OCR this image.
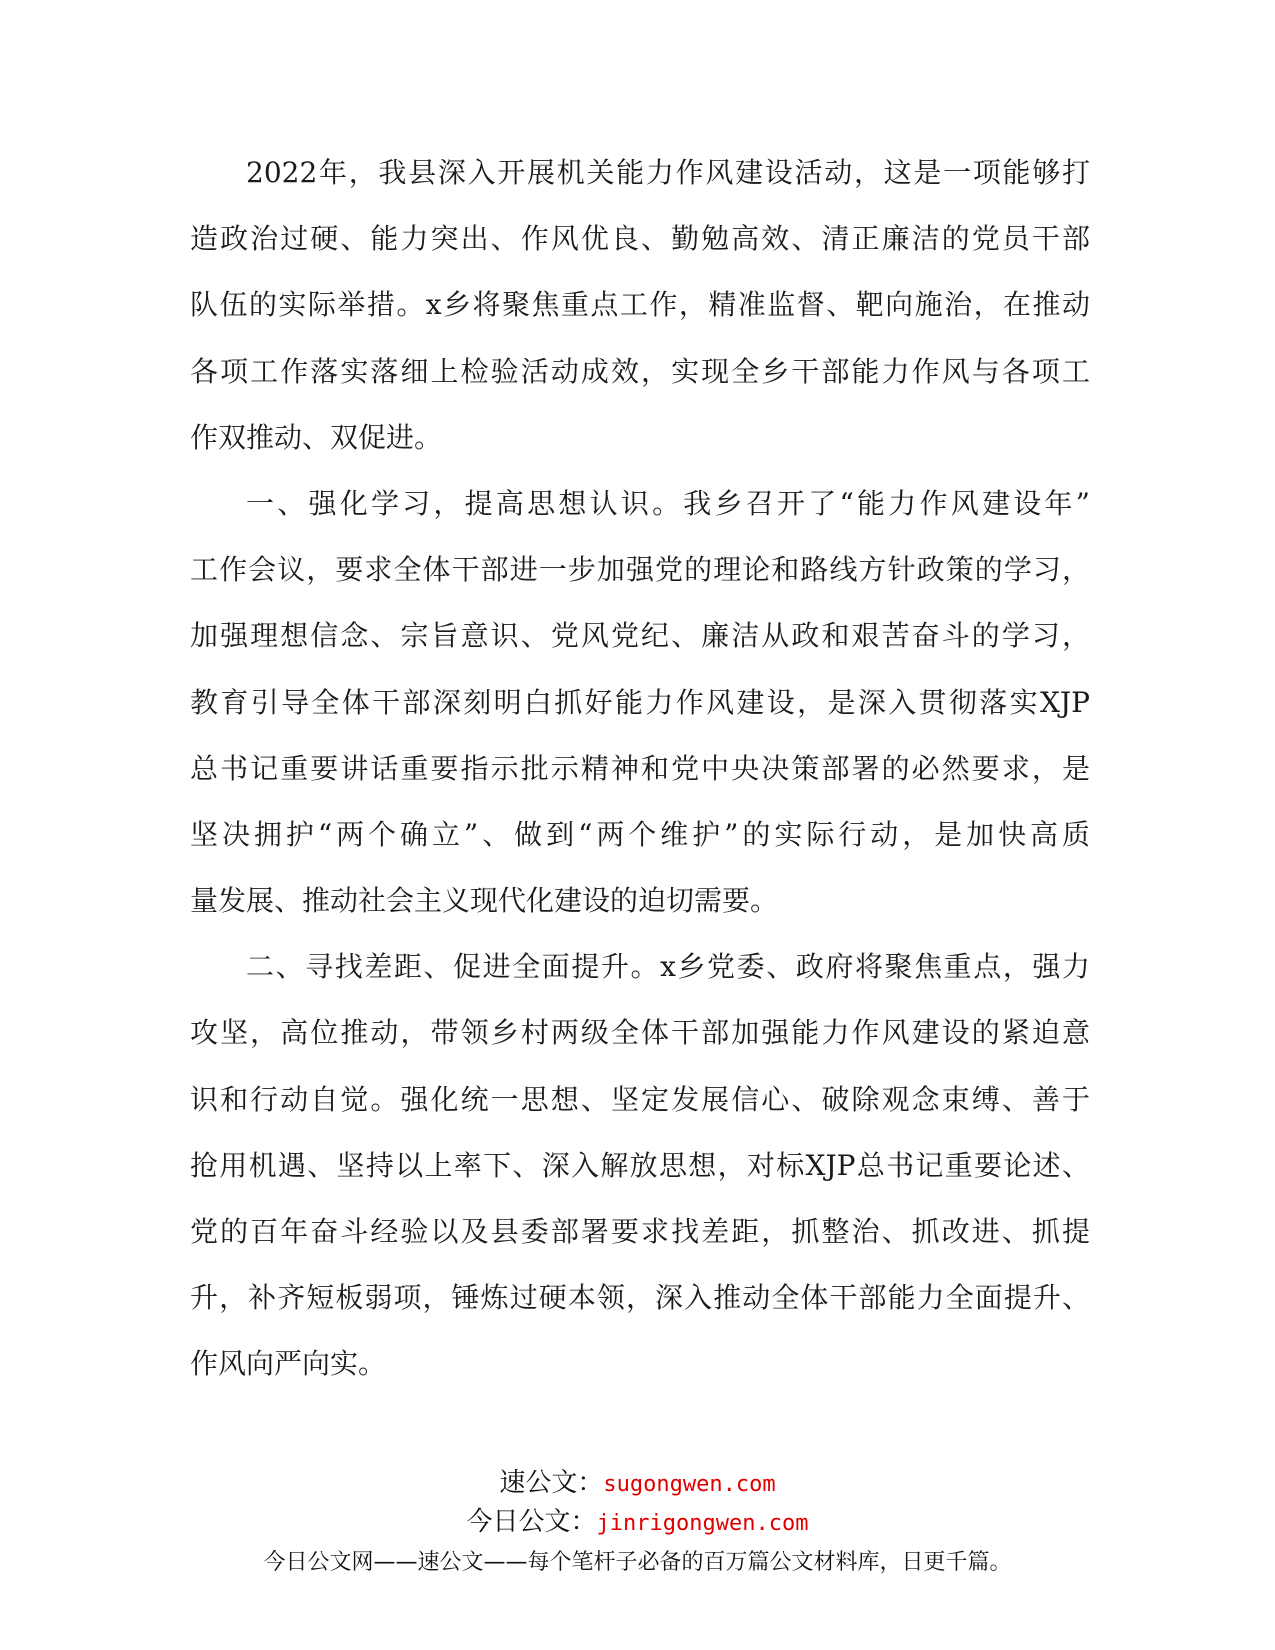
2022年，我县深入开展机关能力作风建设活动，这是一项能够打
造政治过硬、能力突出、作风优良、勤勉高效、清正廉洁的党员干部
队伍的实际举措。x乡将聚焦重点工作，精准监督、靶向施治，在推动
各项工作落实落细上检验活动成效，实现全乡干部能力作风与各项工
作双推动、双促进。
一、强化学习，提高思想认识。我乡召开了“能力作风建设年”
工作会议，要求全体干部进一步加强党的理论和路线方针政策的学习，
加强理想信念、宗旨意识、党风党纪、廉洁从政和艰苦奋斗的学习，
教育引导全体干部深刻明白抓好能力作风建设，是深入贯彻落实XJP
总书记重要讲话重要指示批示精神和党中央决策部署的必然要求，是
坚决拥护“两个确立”、做到“两个维护”的实际行动，是加快高质
量发展、推动社会主义现代化建设的迫切需要。
二、寻找差距、促进全面提升。x乡党委、政府将聚焦重点，强力
攻坚，高位推动，带领乡村两级全体干部加强能力作风建设的紧迫意
识和行动自觉。强化统一思想、坚定发展信心、破除观念束缚、善于
抢用机遇、坚持以上率下、深入解放思想，对标XJP总书记重要论述、
党的百年奋斗经验以及县委部署要求找差距，抓整治、抓改进、抓提
升，补齐短板弱项，锤炼过硬本领，深入推动全体干部能力全面提升、
作风向严向实。
速公文：sugongwen.com
今日公文：jinrigongwen.com
今日公文网——速公文——每个笔杆子必备的百万篇公文材料库，日更千篇。
